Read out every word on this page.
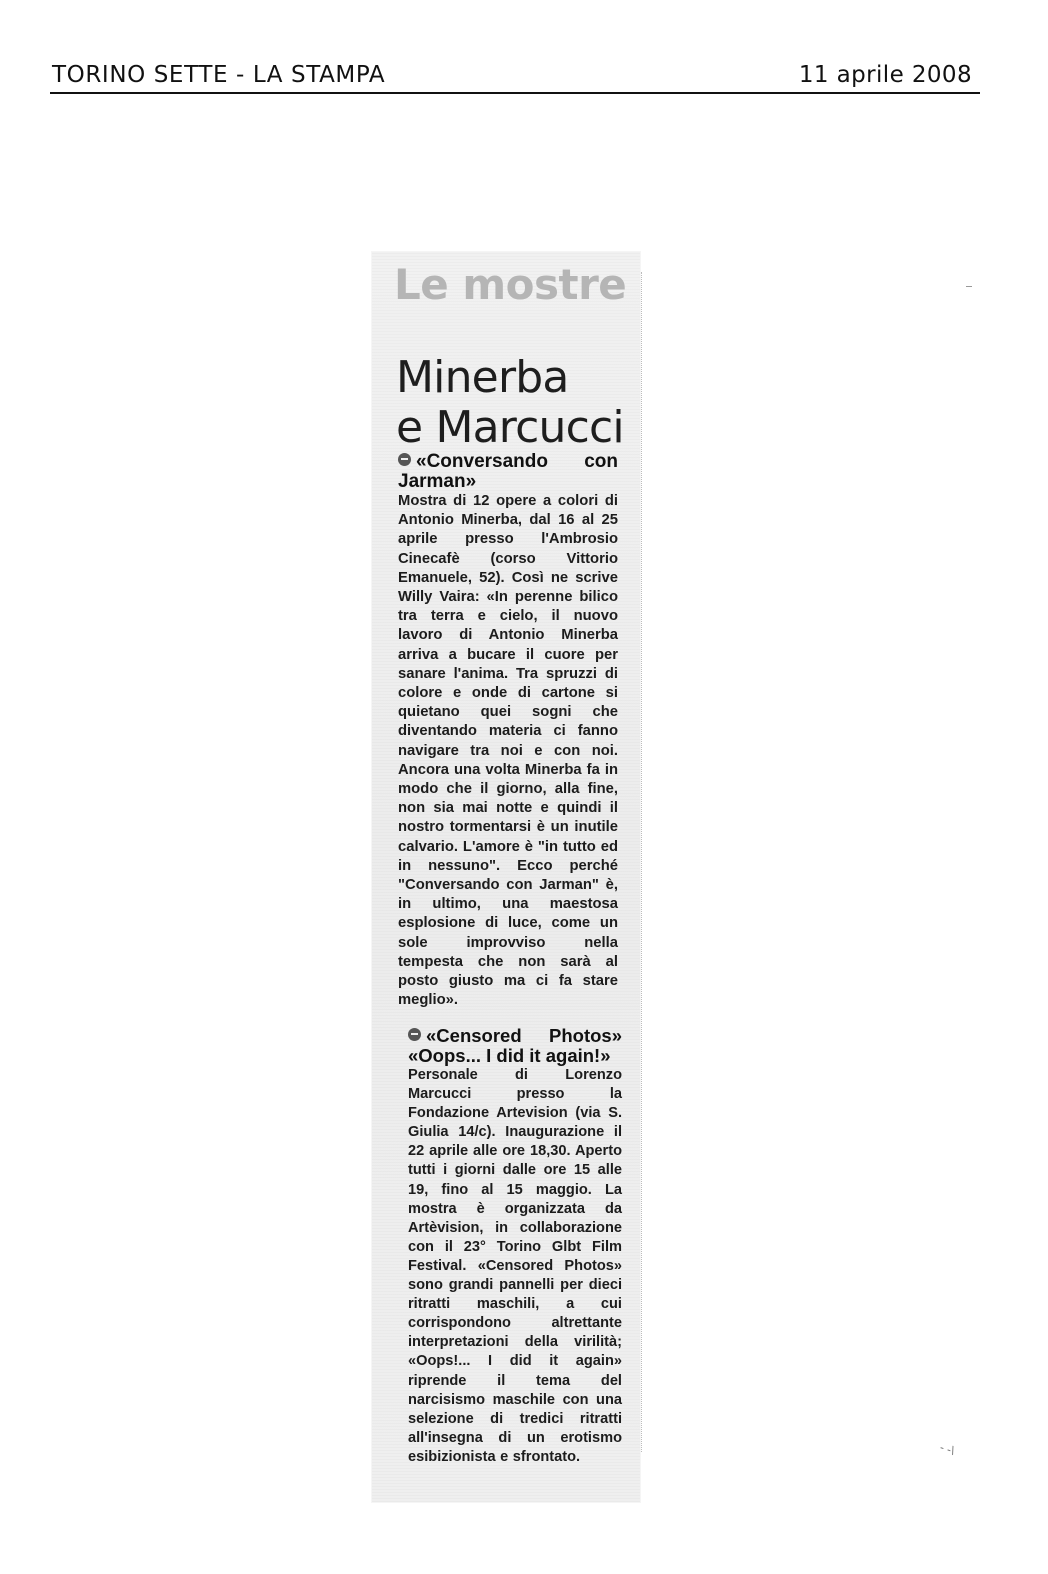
TORINO SETTE - LA STAMPA	11 aprile 2008
Le mostre
Minerba
e Marcucci

«Conversando con Jarman»

Mostra di 12 opere a colori di Antonio Minerba, dal 16 al 25 aprile presso l'Ambrosio Cinecafè (corso Vittorio Emanuele, 52). Così ne scrive Willy Vaira: «In perenne bilico tra terra e cielo, il nuovo lavoro di Antonio Minerba arriva a bucare il cuore per sanare l'anima. Tra spruzzi di colore e onde di cartone si quietano quei sogni che diventando materia ci fanno navigare tra noi e con noi. Ancora una volta Minerba fa in modo che il giorno, alla fine, non sia mai notte e quindi il nostro tormentarsi è un inutile calvario. L'amore è "in tutto ed in nessuno". Ecco perché "Conversando con Jarman" è, in ultimo, una maestosa esplosione di luce, come un sole improvviso nella tempesta che non sarà al posto giusto ma ci fa stare meglio».

«Censored Photos» «Oops... I did it again!»

Personale di Lorenzo Marcucci presso la Fondazione Artevision (via S. Giulia 14/c). Inaugurazione il 22 aprile alle ore 18,30. Aperto tutti i giorni dalle ore 15 alle 19, fino al 15 maggio. La mostra è organizzata da Artèvision, in collaborazione con il 23° Torino Glbt Film Festival. «Censored Photos» sono grandi pannelli per dieci ritratti maschili, a cui corrispondono altrettante interpretazioni della virilità; «Oops!... I did it again» riprende il tema del narcisismo maschile con una selezione di tredici ritratti all'insegna di un erotismo esibizionista e sfrontato.	- -\
